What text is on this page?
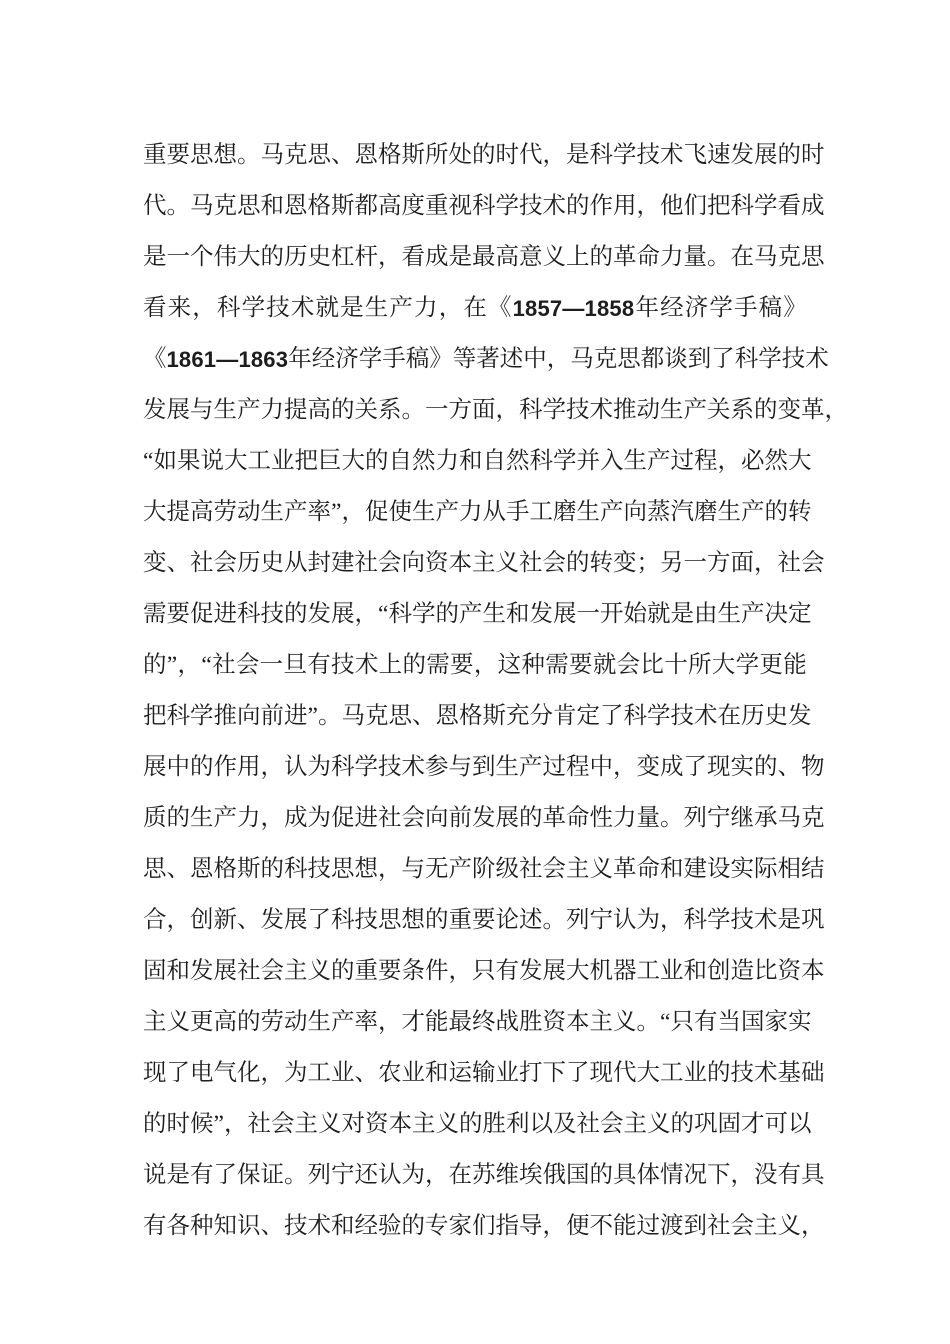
重 要 思 想 。 马 克 思 、 恩 格 斯 所 处 的 时 代 ， 是 科 学 技 术 飞 速 发 展 的 时
代 。 马 克 思 和 恩 格 斯 都 高 度 重 视 科 学 技 术 的 作 用 ， 他 们 把 科 学 看 成
是 一 个 伟 大 的 历 史 杠 杆 ， 看 成 是 最 高 意 义 上 的 革 命 力 量 。 在 马 克 思
看 来 ， 科 学 技 术 就 是 生 产 力 ， 在 《 1857—1858 年 经 济 学 手 稿 》
《 1861—1863 年 经 济 学 手 稿 》 等 著 述 中 ， 马 克 思 都 谈 到 了 科 学 技 术
发 展 与 生 产 力 提 高 的 关 系 。 一 方 面 ， 科 学 技 术 推 动 生 产 关 系 的 变 革 ，
“ 如 果 说 大 工 业 把 巨 大 的 自 然 力 和 自 然 科 学 并 入 生 产 过 程 ， 必 然 大
大 提 高 劳 动 生 产 率 ” ， 促 使 生 产 力 从 手 工 磨 生 产 向 蒸 汽 磨 生 产 的 转
变 、 社 会 历 史 从 封 建 社 会 向 资 本 主 义 社 会 的 转 变 ； 另 一 方 面 ， 社 会
需 要 促 进 科 技 的 发 展 ， “ 科 学 的 产 生 和 发 展 一 开 始 就 是 由 生 产 决 定
的 ” ， “ 社 会 一 旦 有 技 术 上 的 需 要 ， 这 种 需 要 就 会 比 十 所 大 学 更 能
把 科 学 推 向 前 进 ” 。 马 克 思 、 恩 格 斯 充 分 肯 定 了 科 学 技 术 在 历 史 发
展 中 的 作 用 ， 认 为 科 学 技 术 参 与 到 生 产 过 程 中 ， 变 成 了 现 实 的 、 物
质 的 生 产 力 ， 成 为 促 进 社 会 向 前 发 展 的 革 命 性 力 量 。 列 宁 继 承 马 克
思 、 恩 格 斯 的 科 技 思 想 ， 与 无 产 阶 级 社 会 主 义 革 命 和 建 设 实 际 相 结
合 ， 创 新 、 发 展 了 科 技 思 想 的 重 要 论 述 。 列 宁 认 为 ， 科 学 技 术 是 巩
固 和 发 展 社 会 主 义 的 重 要 条 件 ， 只 有 发 展 大 机 器 工 业 和 创 造 比 资 本
主 义 更 高 的 劳 动 生 产 率 ， 才 能 最 终 战 胜 资 本 主 义 。 “ 只 有 当 国 家 实
现 了 电 气 化 ， 为 工 业 、 农 业 和 运 输 业 打 下 了 现 代 大 工 业 的 技 术 基 础
的 时 候 ” ， 社 会 主 义 对 资 本 主 义 的 胜 利 以 及 社 会 主 义 的 巩 固 才 可 以
说 是 有 了 保 证 。 列 宁 还 认 为 ， 在 苏 维 埃 俄 国 的 具 体 情 况 下 ， 没 有 具
有 各 种 知 识 、 技 术 和 经 验 的 专 家 们 指 导 ， 便 不 能 过 渡 到 社 会 主 义 ，
